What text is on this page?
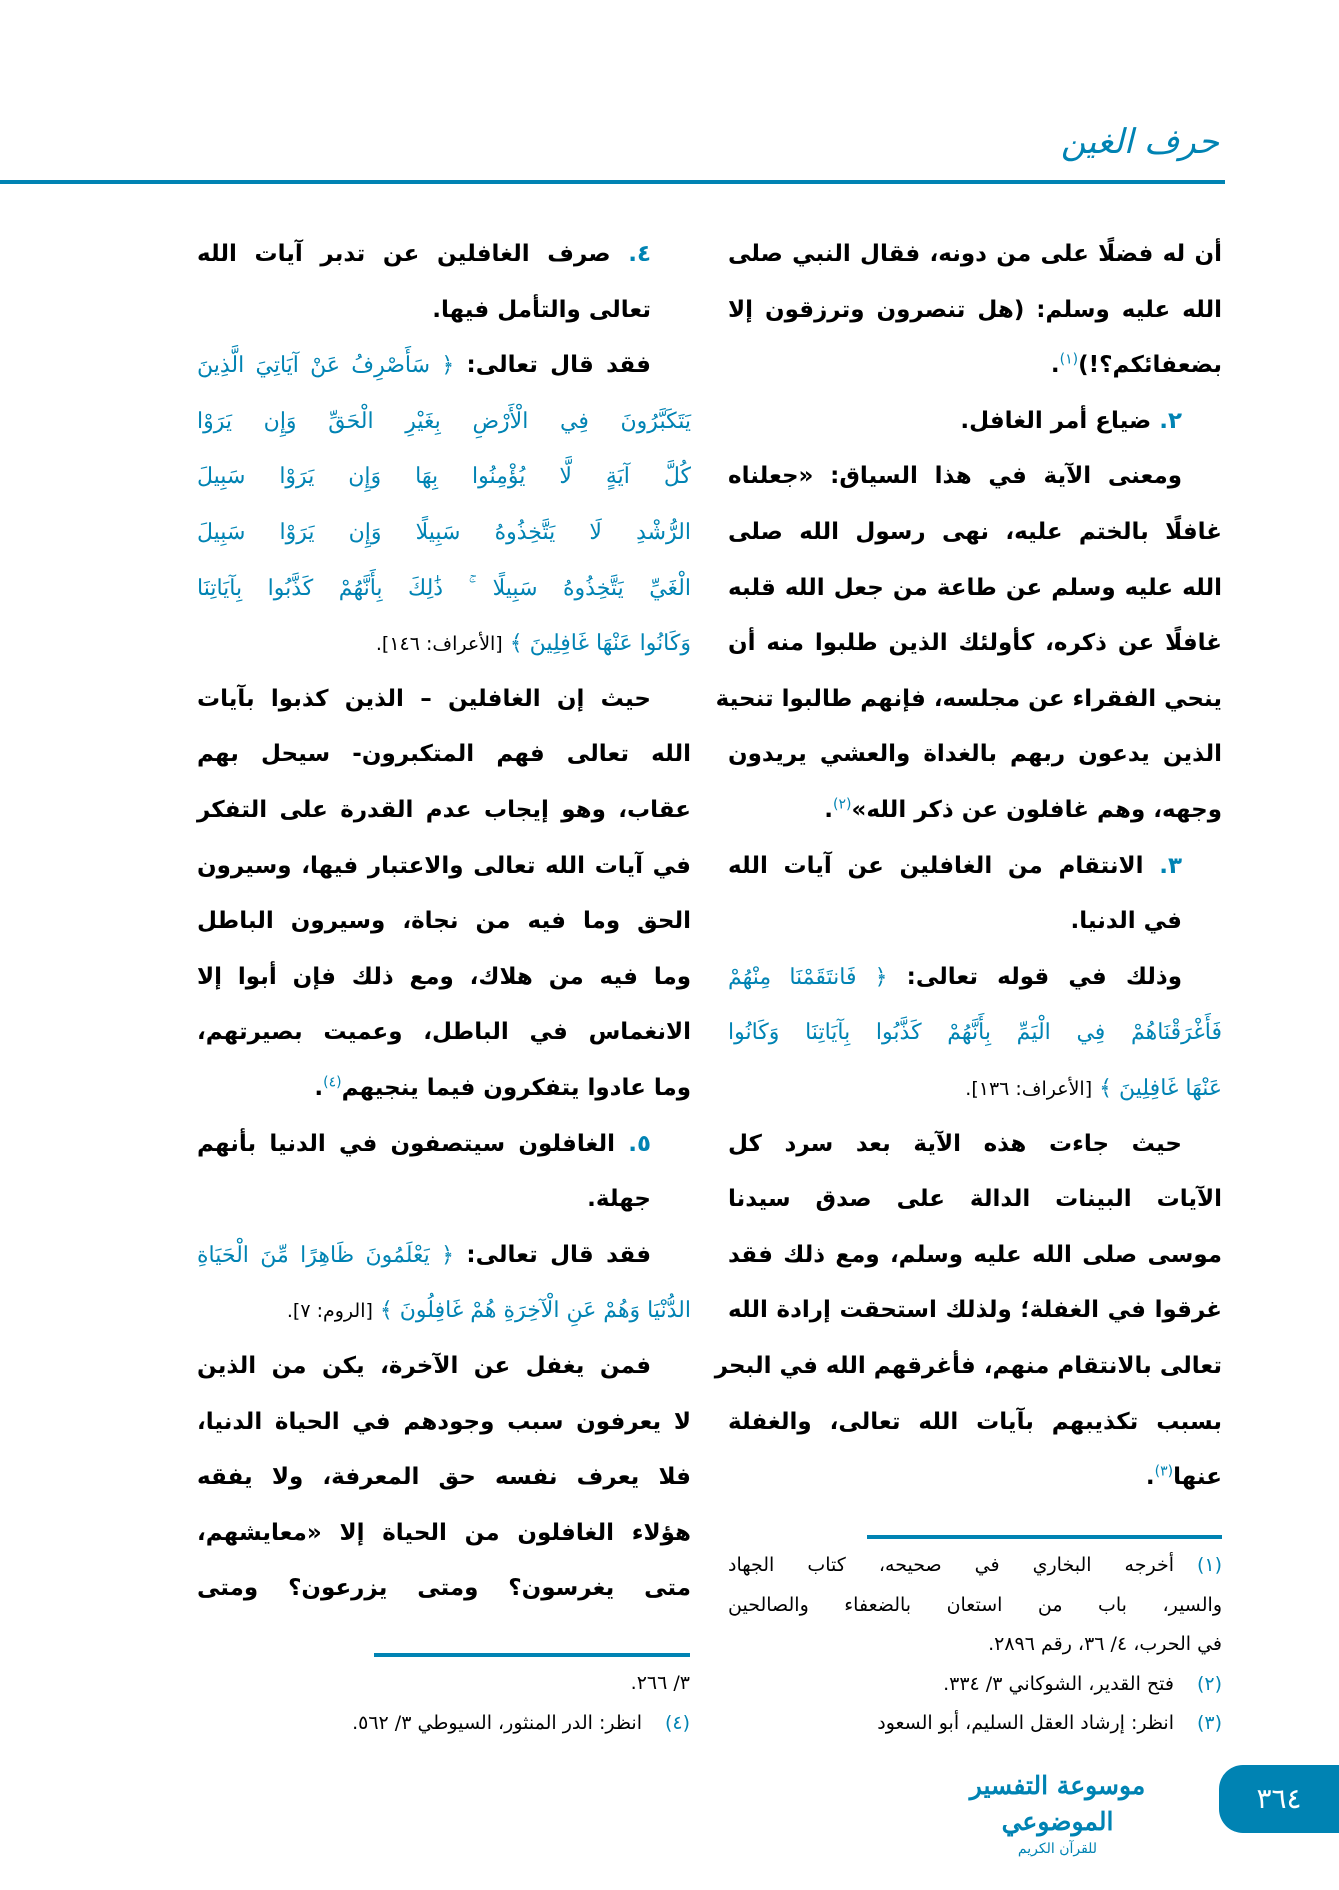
حرف الغين
أن له فضلًا على من دونه، فقال النبي صلى
الله عليه وسلم: (هل تنصرون وترزقون إلا
بضعفائكم؟!)$^{(١)}$.
٢. ضياع أمر الغافل.
ومعنى الآية في هذا السياق: «جعلناه
غافلًا بالختم عليه، نهى رسول الله صلى
الله عليه وسلم عن طاعة من جعل الله قلبه
غافلًا عن ذكره، كأولئك الذين طلبوا منه أن
ينحي الفقراء عن مجلسه، فإنهم طالبوا تنحية
الذين يدعون ربهم بالغداة والعشي يريدون
وجهه، وهم غافلون عن ذكر الله»$^{(٢)}$.
٣. الانتقام من الغافلين عن آيات الله
في الدنيا.
وذلك في قوله تعالى: ﴿ فَانتَقَمْنَا مِنْهُمْ
فَأَغْرَقْنَاهُمْ فِي الْيَمِّ بِأَنَّهُمْ كَذَّبُوا بِآيَاتِنَا وَكَانُوا
عَنْهَا غَافِلِينَ ﴾ [الأعراف: ١٣٦].
حيث جاءت هذه الآية بعد سرد كل
الآيات البينات الدالة على صدق سيدنا
موسى صلى الله عليه وسلم، ومع ذلك فقد
غرقوا في الغفلة؛ ولذلك استحقت إرادة الله
تعالى بالانتقام منهم، فأغرقهم الله في البحر
بسبب تكذيبهم بآيات الله تعالى، والغفلة
عنها$^{(٣)}$.
٤. صرف الغافلين عن تدبر آيات الله
تعالى والتأمل فيها.
فقد قال تعالى: ﴿ سَأَصْرِفُ عَنْ آيَاتِيَ الَّذِينَ
يَتَكَبَّرُونَ فِي الْأَرْضِ بِغَيْرِ الْحَقِّ وَإِن يَرَوْا
كُلَّ آيَةٍ لَّا يُؤْمِنُوا بِهَا وَإِن يَرَوْا سَبِيلَ
الرُّشْدِ لَا يَتَّخِذُوهُ سَبِيلًا وَإِن يَرَوْا سَبِيلَ
الْغَيِّ يَتَّخِذُوهُ سَبِيلًا ۚ ذَٰلِكَ بِأَنَّهُمْ كَذَّبُوا بِآيَاتِنَا
وَكَانُوا عَنْهَا غَافِلِينَ ﴾ [الأعراف: ١٤٦].
حيث إن الغافلين – الذين كذبوا بآيات
الله تعالى فهم المتكبرون- سيحل بهم
عقاب، وهو إيجاب عدم القدرة على التفكر
في آيات الله تعالى والاعتبار فيها، وسيرون
الحق وما فيه من نجاة، وسيرون الباطل
وما فيه من هلاك، ومع ذلك فإن أبوا إلا
الانغماس في الباطل، وعميت بصيرتهم،
وما عادوا يتفكرون فيما ينجيهم$^{(٤)}$.
٥. الغافلون سيتصفون في الدنيا بأنهم
جهلة.
فقد قال تعالى: ﴿ يَعْلَمُونَ ظَاهِرًا مِّنَ الْحَيَاةِ
الدُّنْيَا وَهُمْ عَنِ الْآخِرَةِ هُمْ غَافِلُونَ ﴾ [الروم: ٧].
فمن يغفل عن الآخرة، يكن من الذين
لا يعرفون سبب وجودهم في الحياة الدنيا،
فلا يعرف نفسه حق المعرفة، ولا يفقه
هؤلاء الغافلون من الحياة إلا «معايشهم،
متى يغرسون؟ ومتى يزرعون؟ ومتى
(١)أخرجه البخاري في صحيحه، كتاب الجهاد
والسير، باب من استعان بالضعفاء والصالحين
في الحرب، ٤/ ٣٦، رقم ٢٨٩٦.
(٢)فتح القدير، الشوكاني ٣/ ٣٣٤.
(٣)انظر: إرشاد العقل السليم، أبو السعود
٣/ ٢٦٦.
(٤)انظر: الدر المنثور، السيوطي ٣/ ٥٦٢.
موسوعة التفسير الموضوعي
للقرآن الكريم
٣٦٤
